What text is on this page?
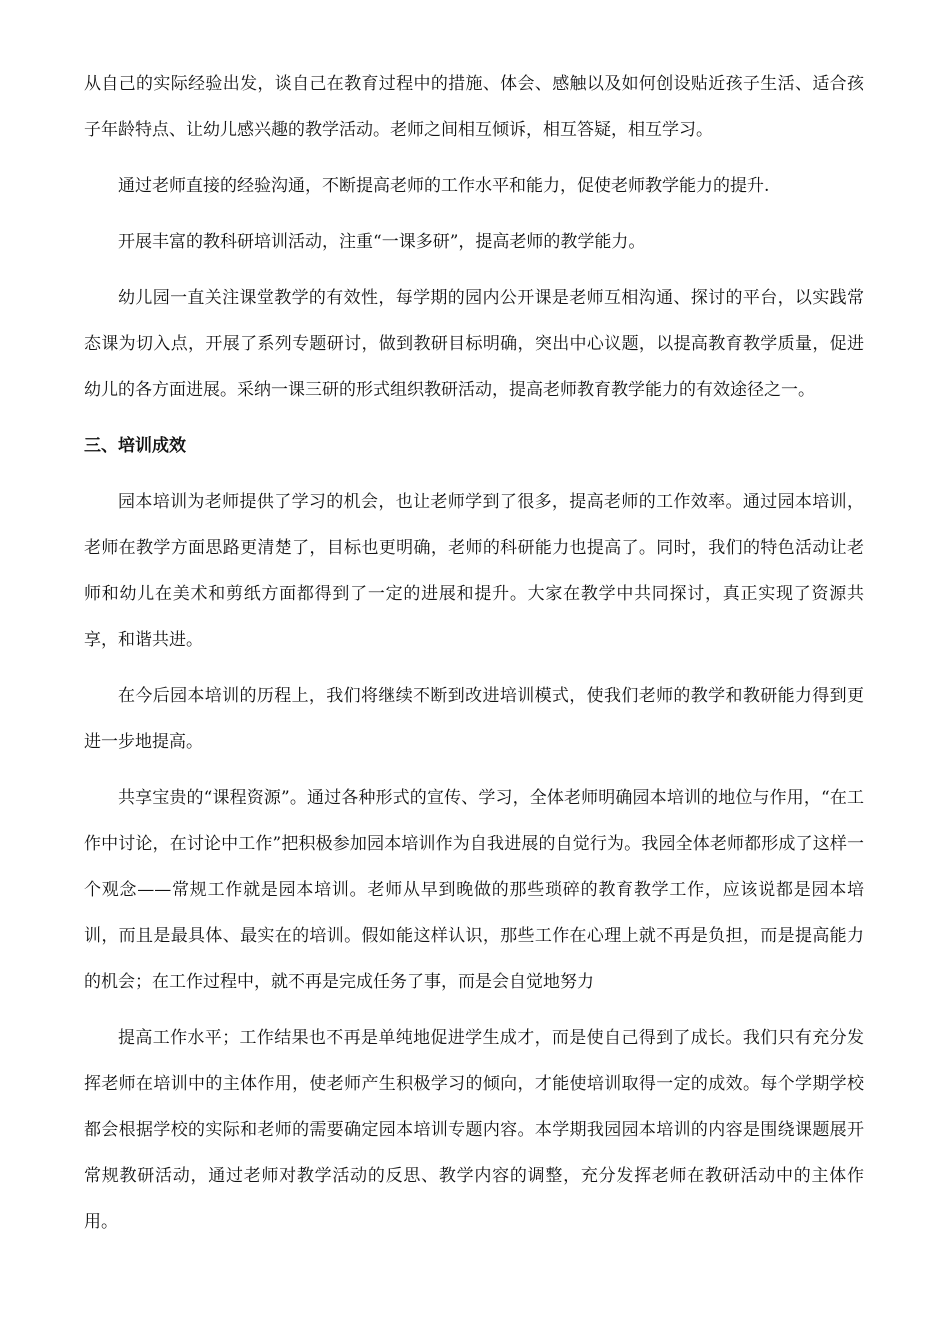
从自己的实际经验出发，谈自己在教育过程中的措施、体会、感触以及如何创设贴近孩子生活、适合孩子年龄特点、让幼儿感兴趣的教学活动。老师之间相互倾诉，相互答疑，相互学习。

通过老师直接的经验沟通，不断提高老师的工作水平和能力，促使老师教学能力的提升.

开展丰富的教科研培训活动，注重“一课多研”，提高老师的教学能力。

幼儿园一直关注课堂教学的有效性，每学期的园内公开课是老师互相沟通、探讨的平台，以实践常态课为切入点，开展了系列专题研讨，做到教研目标明确，突出中心议题，以提高教育教学质量，促进幼儿的各方面进展。采纳一课三研的形式组织教研活动，提高老师教育教学能力的有效途径之一。

三、培训成效

园本培训为老师提供了学习的机会，也让老师学到了很多，提高老师的工作效率。通过园本培训，老师在教学方面思路更清楚了，目标也更明确，老师的科研能力也提高了。同时，我们的特色活动让老师和幼儿在美术和剪纸方面都得到了一定的进展和提升。大家在教学中共同探讨，真正实现了资源共享，和谐共进。

在今后园本培训的历程上，我们将继续不断到改进培训模式，使我们老师的教学和教研能力得到更进一步地提高。

共享宝贵的“课程资源”。通过各种形式的宣传、学习，全体老师明确园本培训的地位与作用，“在工作中讨论，在讨论中工作”把积极参加园本培训作为自我进展的自觉行为。我园全体老师都形成了这样一个观念——常规工作就是园本培训。老师从早到晚做的那些琐碎的教育教学工作，应该说都是园本培训，而且是最具体、最实在的培训。假如能这样认识，那些工作在心理上就不再是负担，而是提高能力的机会；在工作过程中，就不再是完成任务了事，而是会自觉地努力

提高工作水平；工作结果也不再是单纯地促进学生成才，而是使自己得到了成长。我们只有充分发挥老师在培训中的主体作用，使老师产生积极学习的倾向，才能使培训取得一定的成效。每个学期学校都会根据学校的实际和老师的需要确定园本培训专题内容。本学期我园园本培训的内容是围绕课题展开常规教研活动，通过老师对教学活动的反思、教学内容的调整，充分发挥老师在教研活动中的主体作用。
